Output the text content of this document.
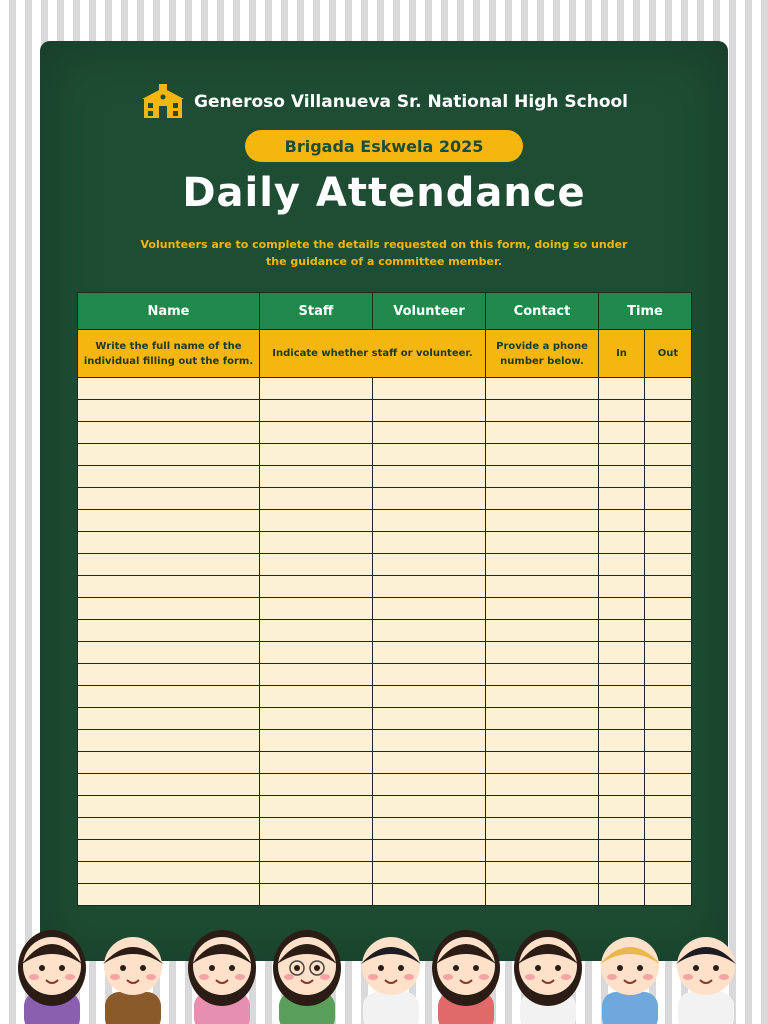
Generoso Villanueva Sr. National High School
Brigada Eskwela 2025
Daily Attendance
Volunteers are to complete the details requested on this form, doing so under the guidance of a committee member.
Name	Staff	Volunteer	Contact	Time	
Write the full name of the individual filling out the form.	Indicate whether staff or volunteer.		Provide a phone number below.	In	Out
